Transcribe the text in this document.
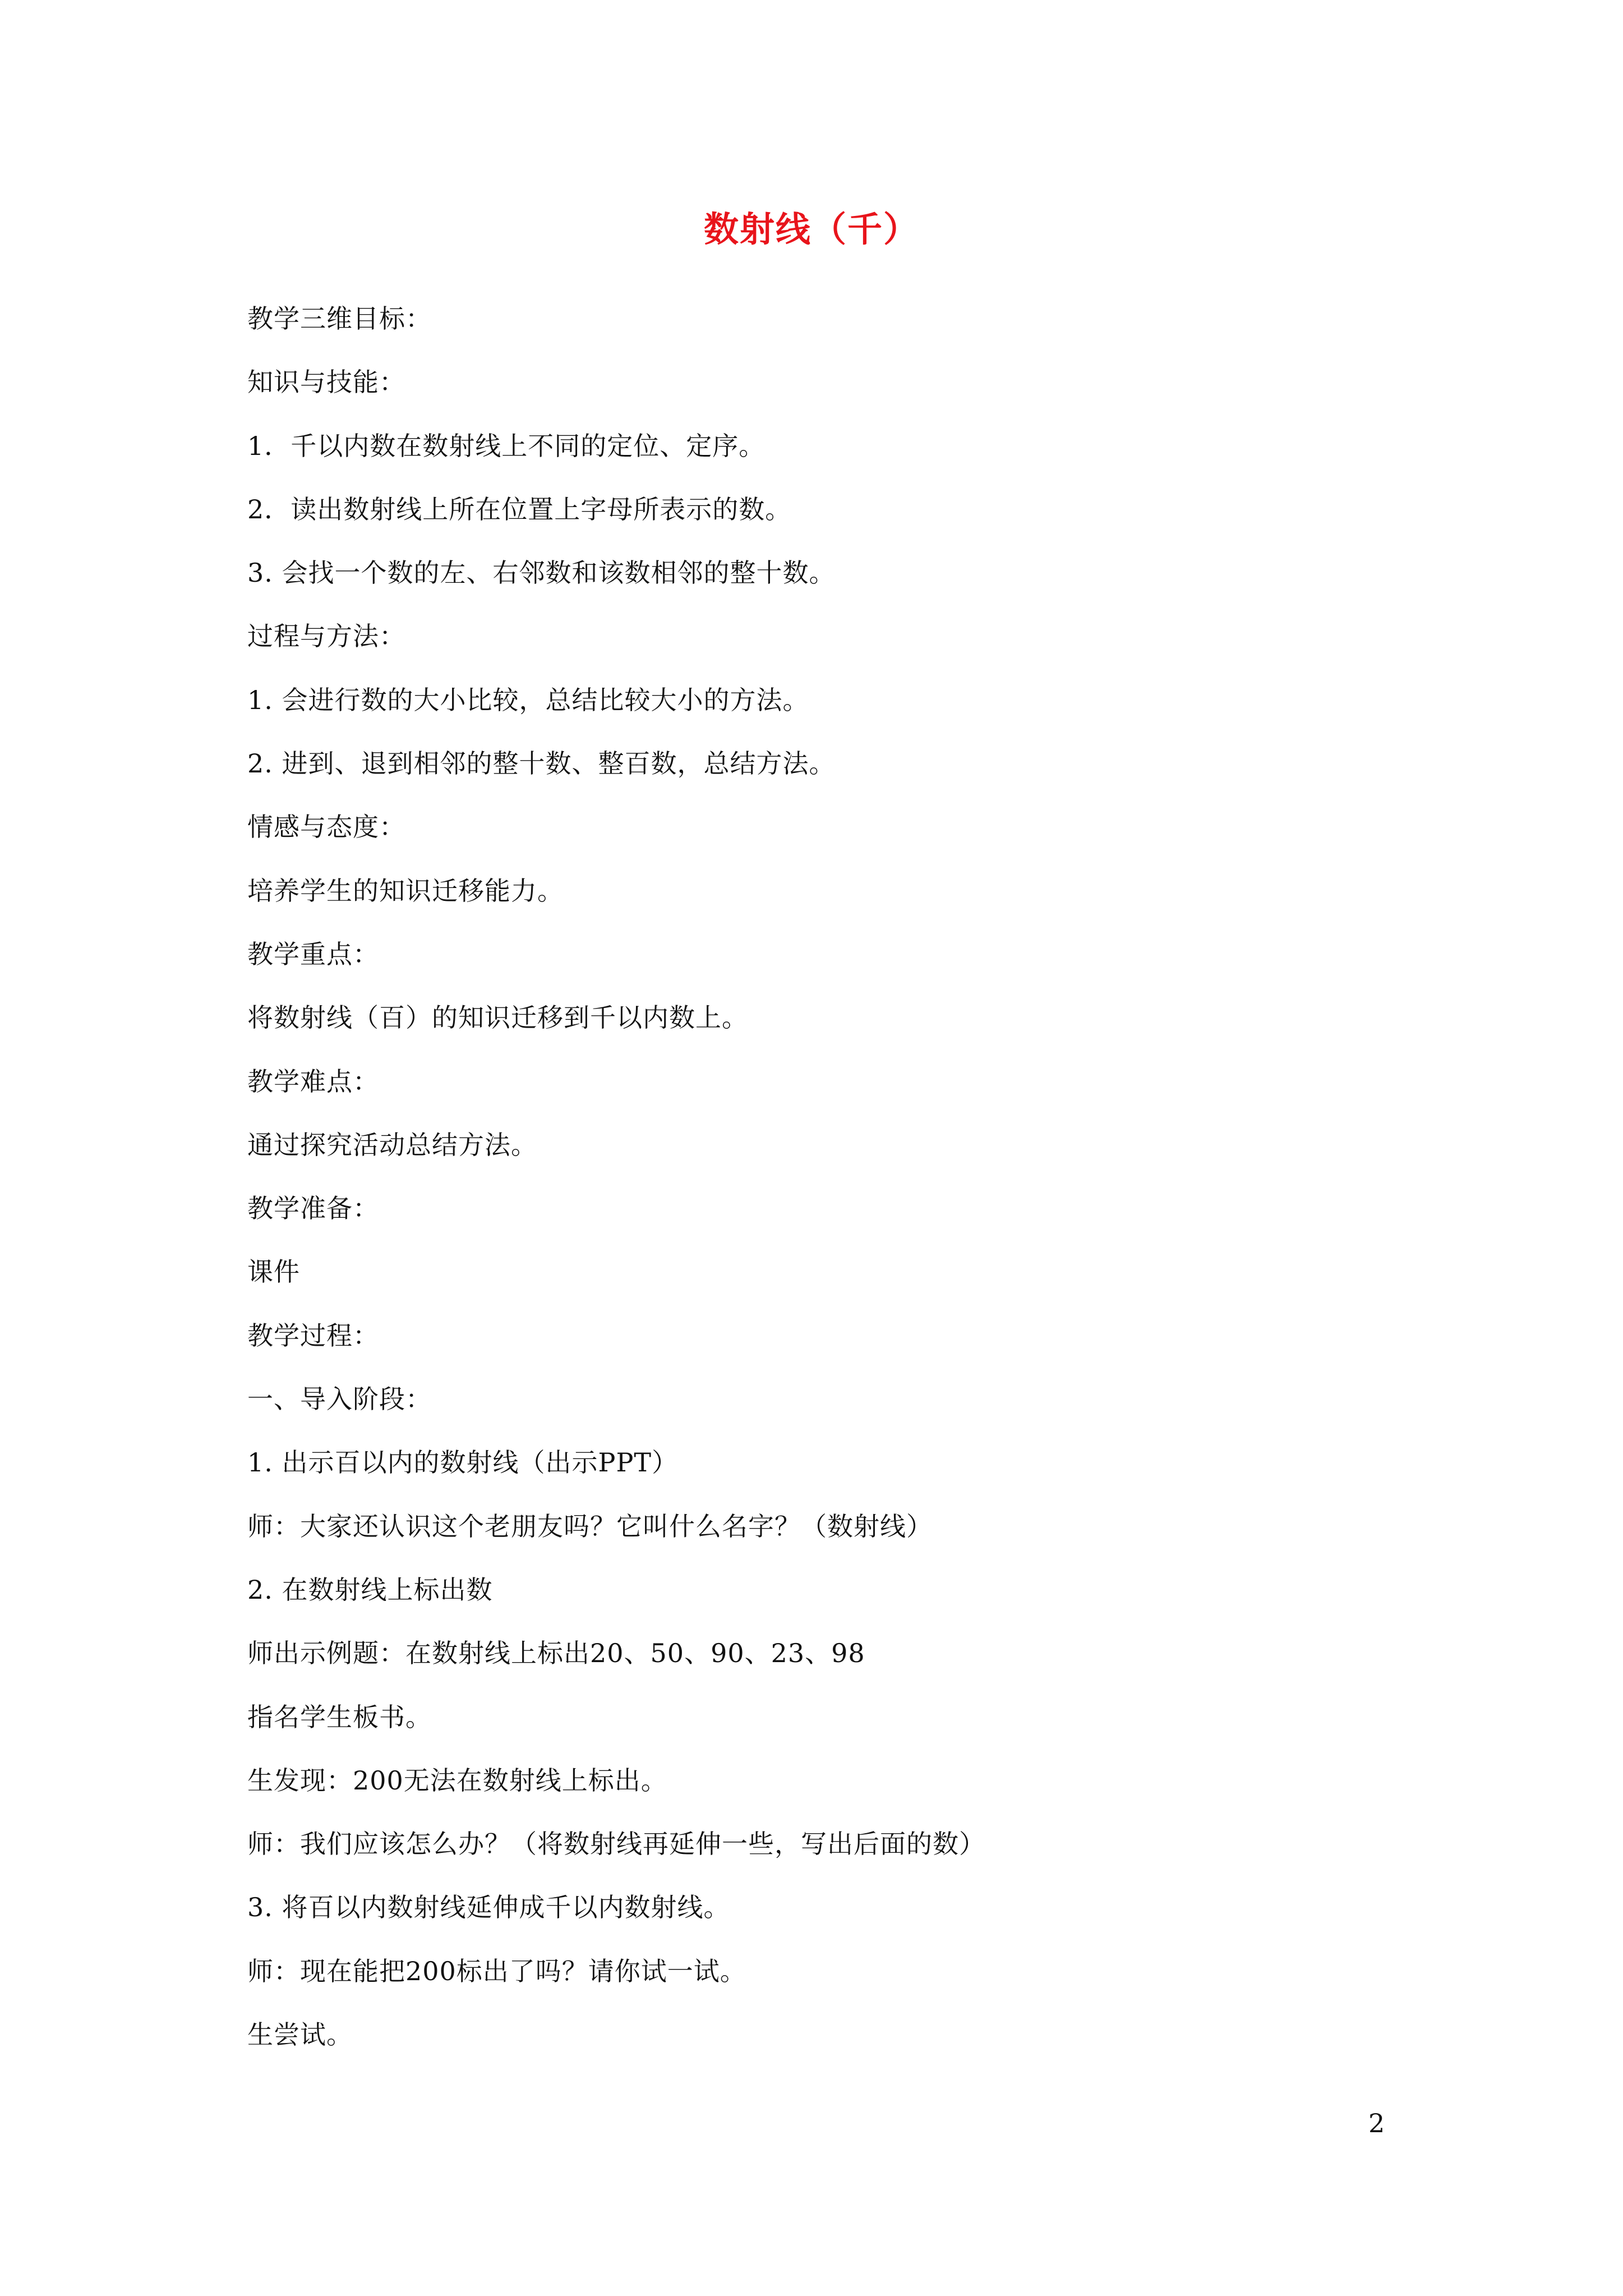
数射线（千）

教学三维目标：

知识与技能：

1．千以内数在数射线上不同的定位、定序。

2．读出数射线上所在位置上字母所表示的数。

3. 会找一个数的左、右邻数和该数相邻的整十数。

过程与方法：

1. 会进行数的大小比较，总结比较大小的方法。

2. 进到、退到相邻的整十数、整百数，总结方法。

情感与态度：

培养学生的知识迁移能力。

教学重点：

将数射线（百）的知识迁移到千以内数上。

教学难点：

通过探究活动总结方法。

教学准备：

课件

教学过程：

一、导入阶段：

1. 出示百以内的数射线（出示PPT）

师：大家还认识这个老朋友吗？它叫什么名字？（数射线）

2. 在数射线上标出数

师出示例题：在数射线上标出20、50、90、23、98

指名学生板书。

生发现：200无法在数射线上标出。

师：我们应该怎么办？（将数射线再延伸一些，写出后面的数）

3. 将百以内数射线延伸成千以内数射线。

师：现在能把200标出了吗？请你试一试。

生尝试。

2
